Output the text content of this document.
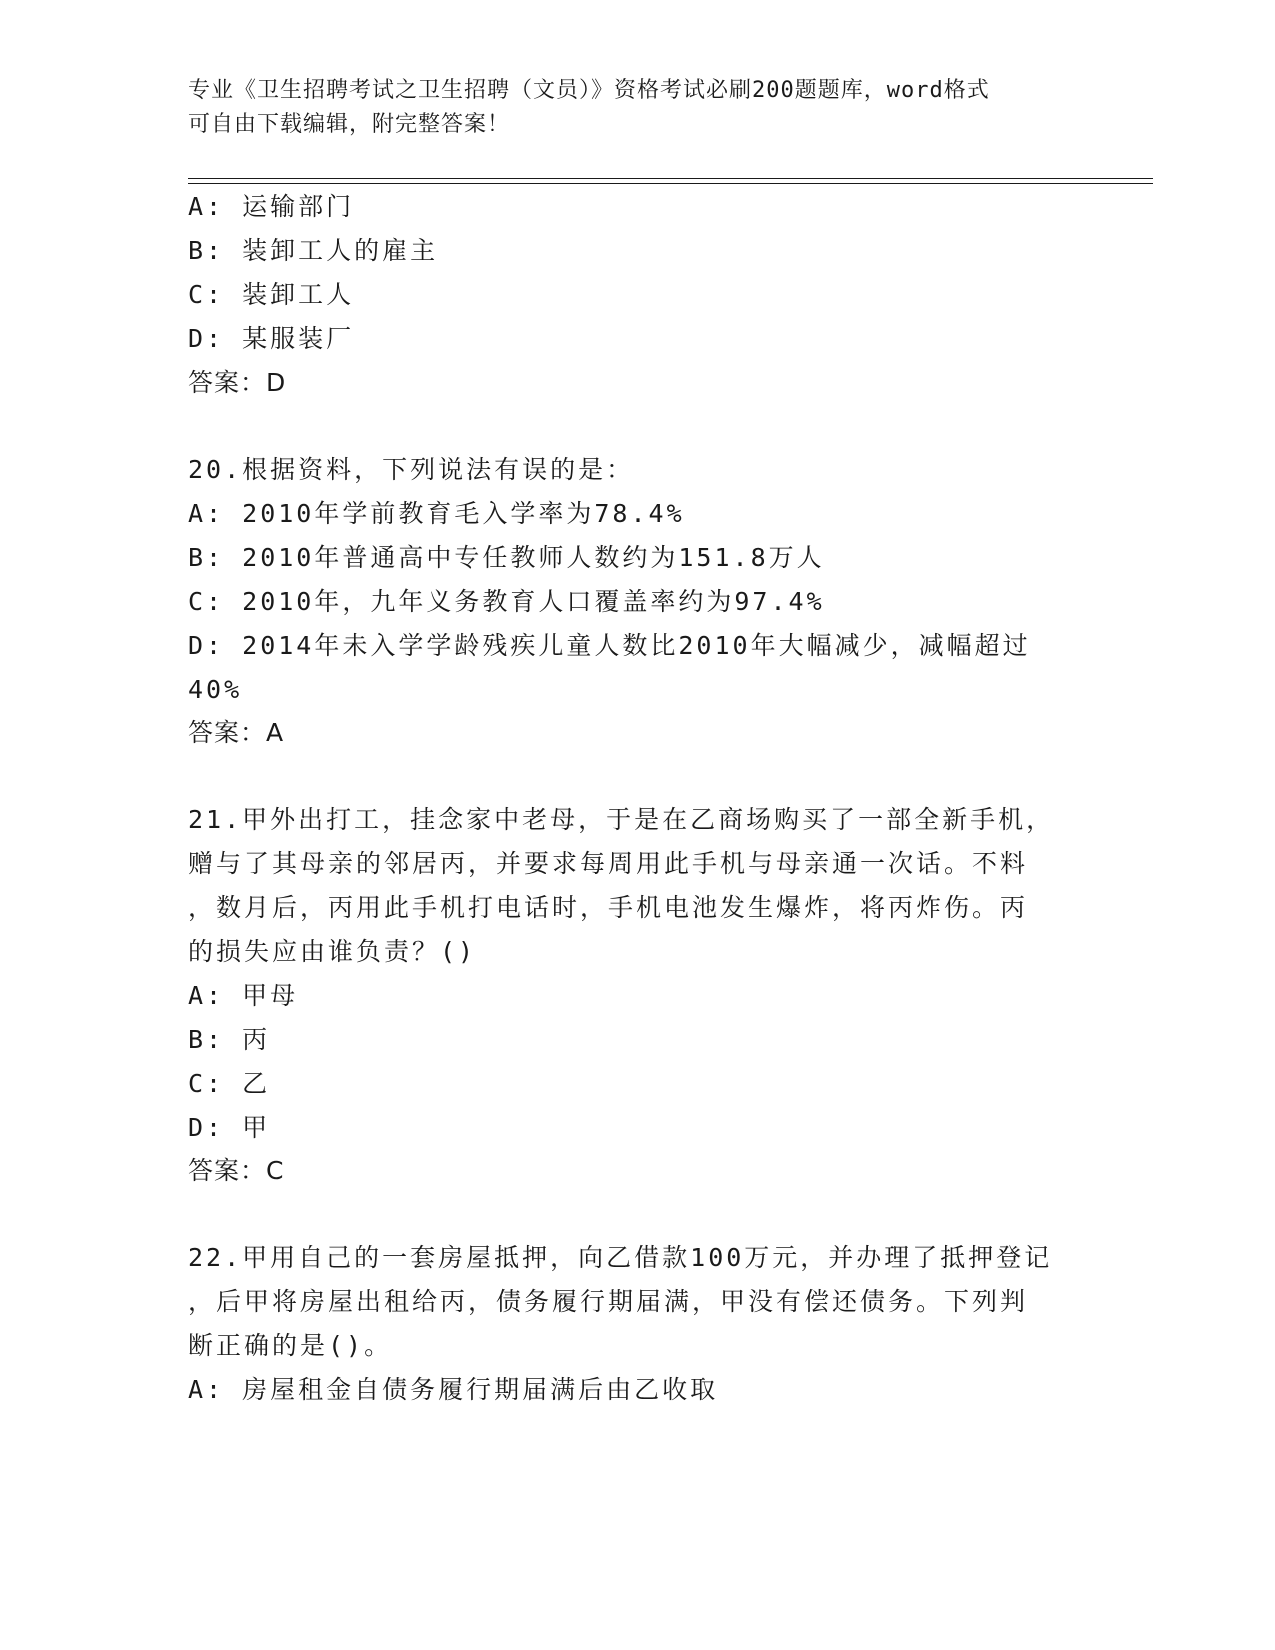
专业《卫生招聘考试之卫生招聘（文员）》资格考试必刷200题题库，word格式
可自由下载编辑，附完整答案！
A: 运输部门
B: 装卸工人的雇主
C: 装卸工人
D: 某服装厂
答案：D
20.根据资料，下列说法有误的是：
A: 2010年学前教育毛入学率为78.4%
B: 2010年普通高中专任教师人数约为151.8万人
C: 2010年，九年义务教育人口覆盖率约为97.4%
D: 2014年未入学学龄残疾儿童人数比2010年大幅减少，减幅超过
40%
答案：A
21.甲外出打工，挂念家中老母，于是在乙商场购买了一部全新手机，
赠与了其母亲的邻居丙，并要求每周用此手机与母亲通一次话。不料
，数月后，丙用此手机打电话时，手机电池发生爆炸，将丙炸伤。丙
的损失应由谁负责？()
A: 甲母
B: 丙
C: 乙
D: 甲
答案：C
22.甲用自己的一套房屋抵押，向乙借款100万元，并办理了抵押登记
，后甲将房屋出租给丙，债务履行期届满，甲没有偿还债务。下列判
断正确的是()。
A: 房屋租金自债务履行期届满后由乙收取
